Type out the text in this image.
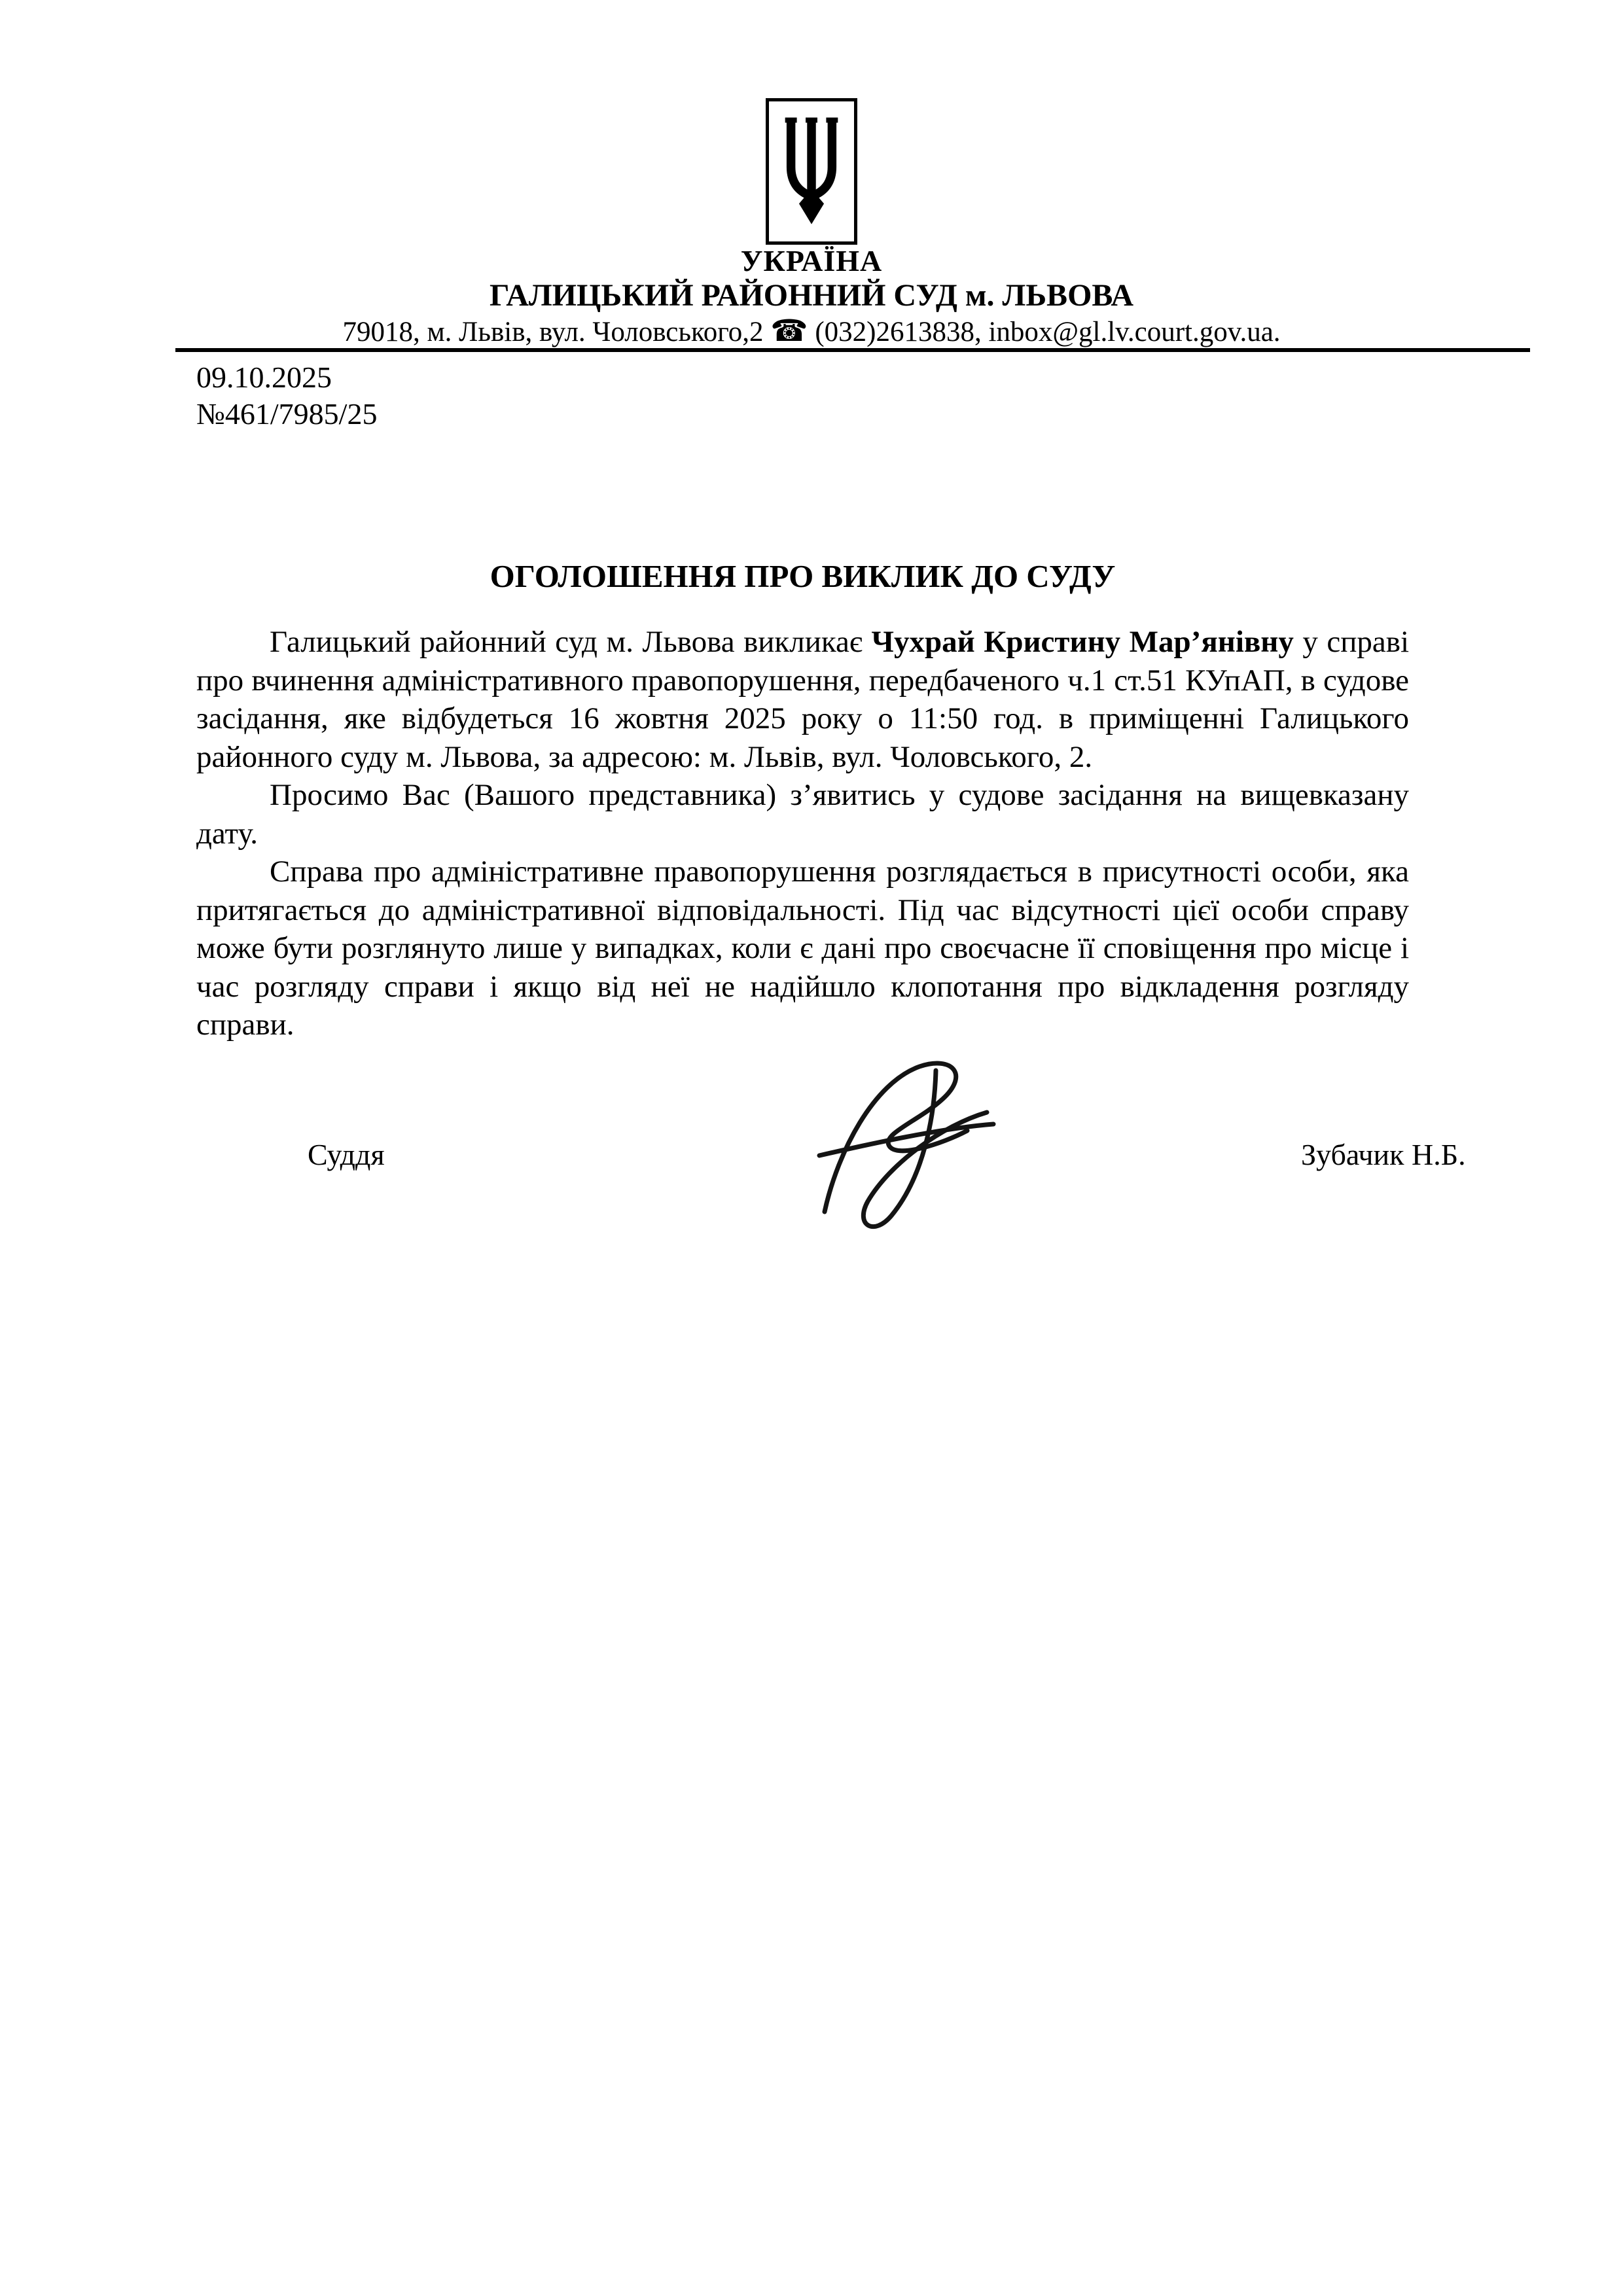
УКРАЇНА
ГАЛИЦЬКИЙ РАЙОННИЙ СУД м. ЛЬВОВА
79018, м. Львів, вул. Чоловського,2 ☎ (032)2613838, inbox@gl.lv.court.gov.ua.
09.10.2025
№461/7985/25
ОГОЛОШЕННЯ ПРО ВИКЛИК ДО СУДУ

Галицький районний суд м. Львова викликає Чухрай Кристину Мар’янівну у справі про вчинення адміністративного правопорушення, передбаченого ч.1 ст.51 КУпАП, в судове засідання, яке відбудеться 16 жовтня 2025 року о 11:50 год. в приміщенні Галицького районного суду м. Львова, за адресою: м. Львів, вул. Чоловського, 2.

Просимо Вас (Вашого представника) з’явитись у судове засідання на вищевказану дату.

Справа про адміністративне правопорушення розглядається в присутності особи, яка притягається до адміністративної відповідальності. Під час відсутності цієї особи справу може бути розглянуто лише у випадках, коли є дані про своєчасне її сповіщення про місце і час розгляду справи і якщо від неї не надійшло клопотання про відкладення розгляду справи.

Суддя	Зубачик Н.Б.
